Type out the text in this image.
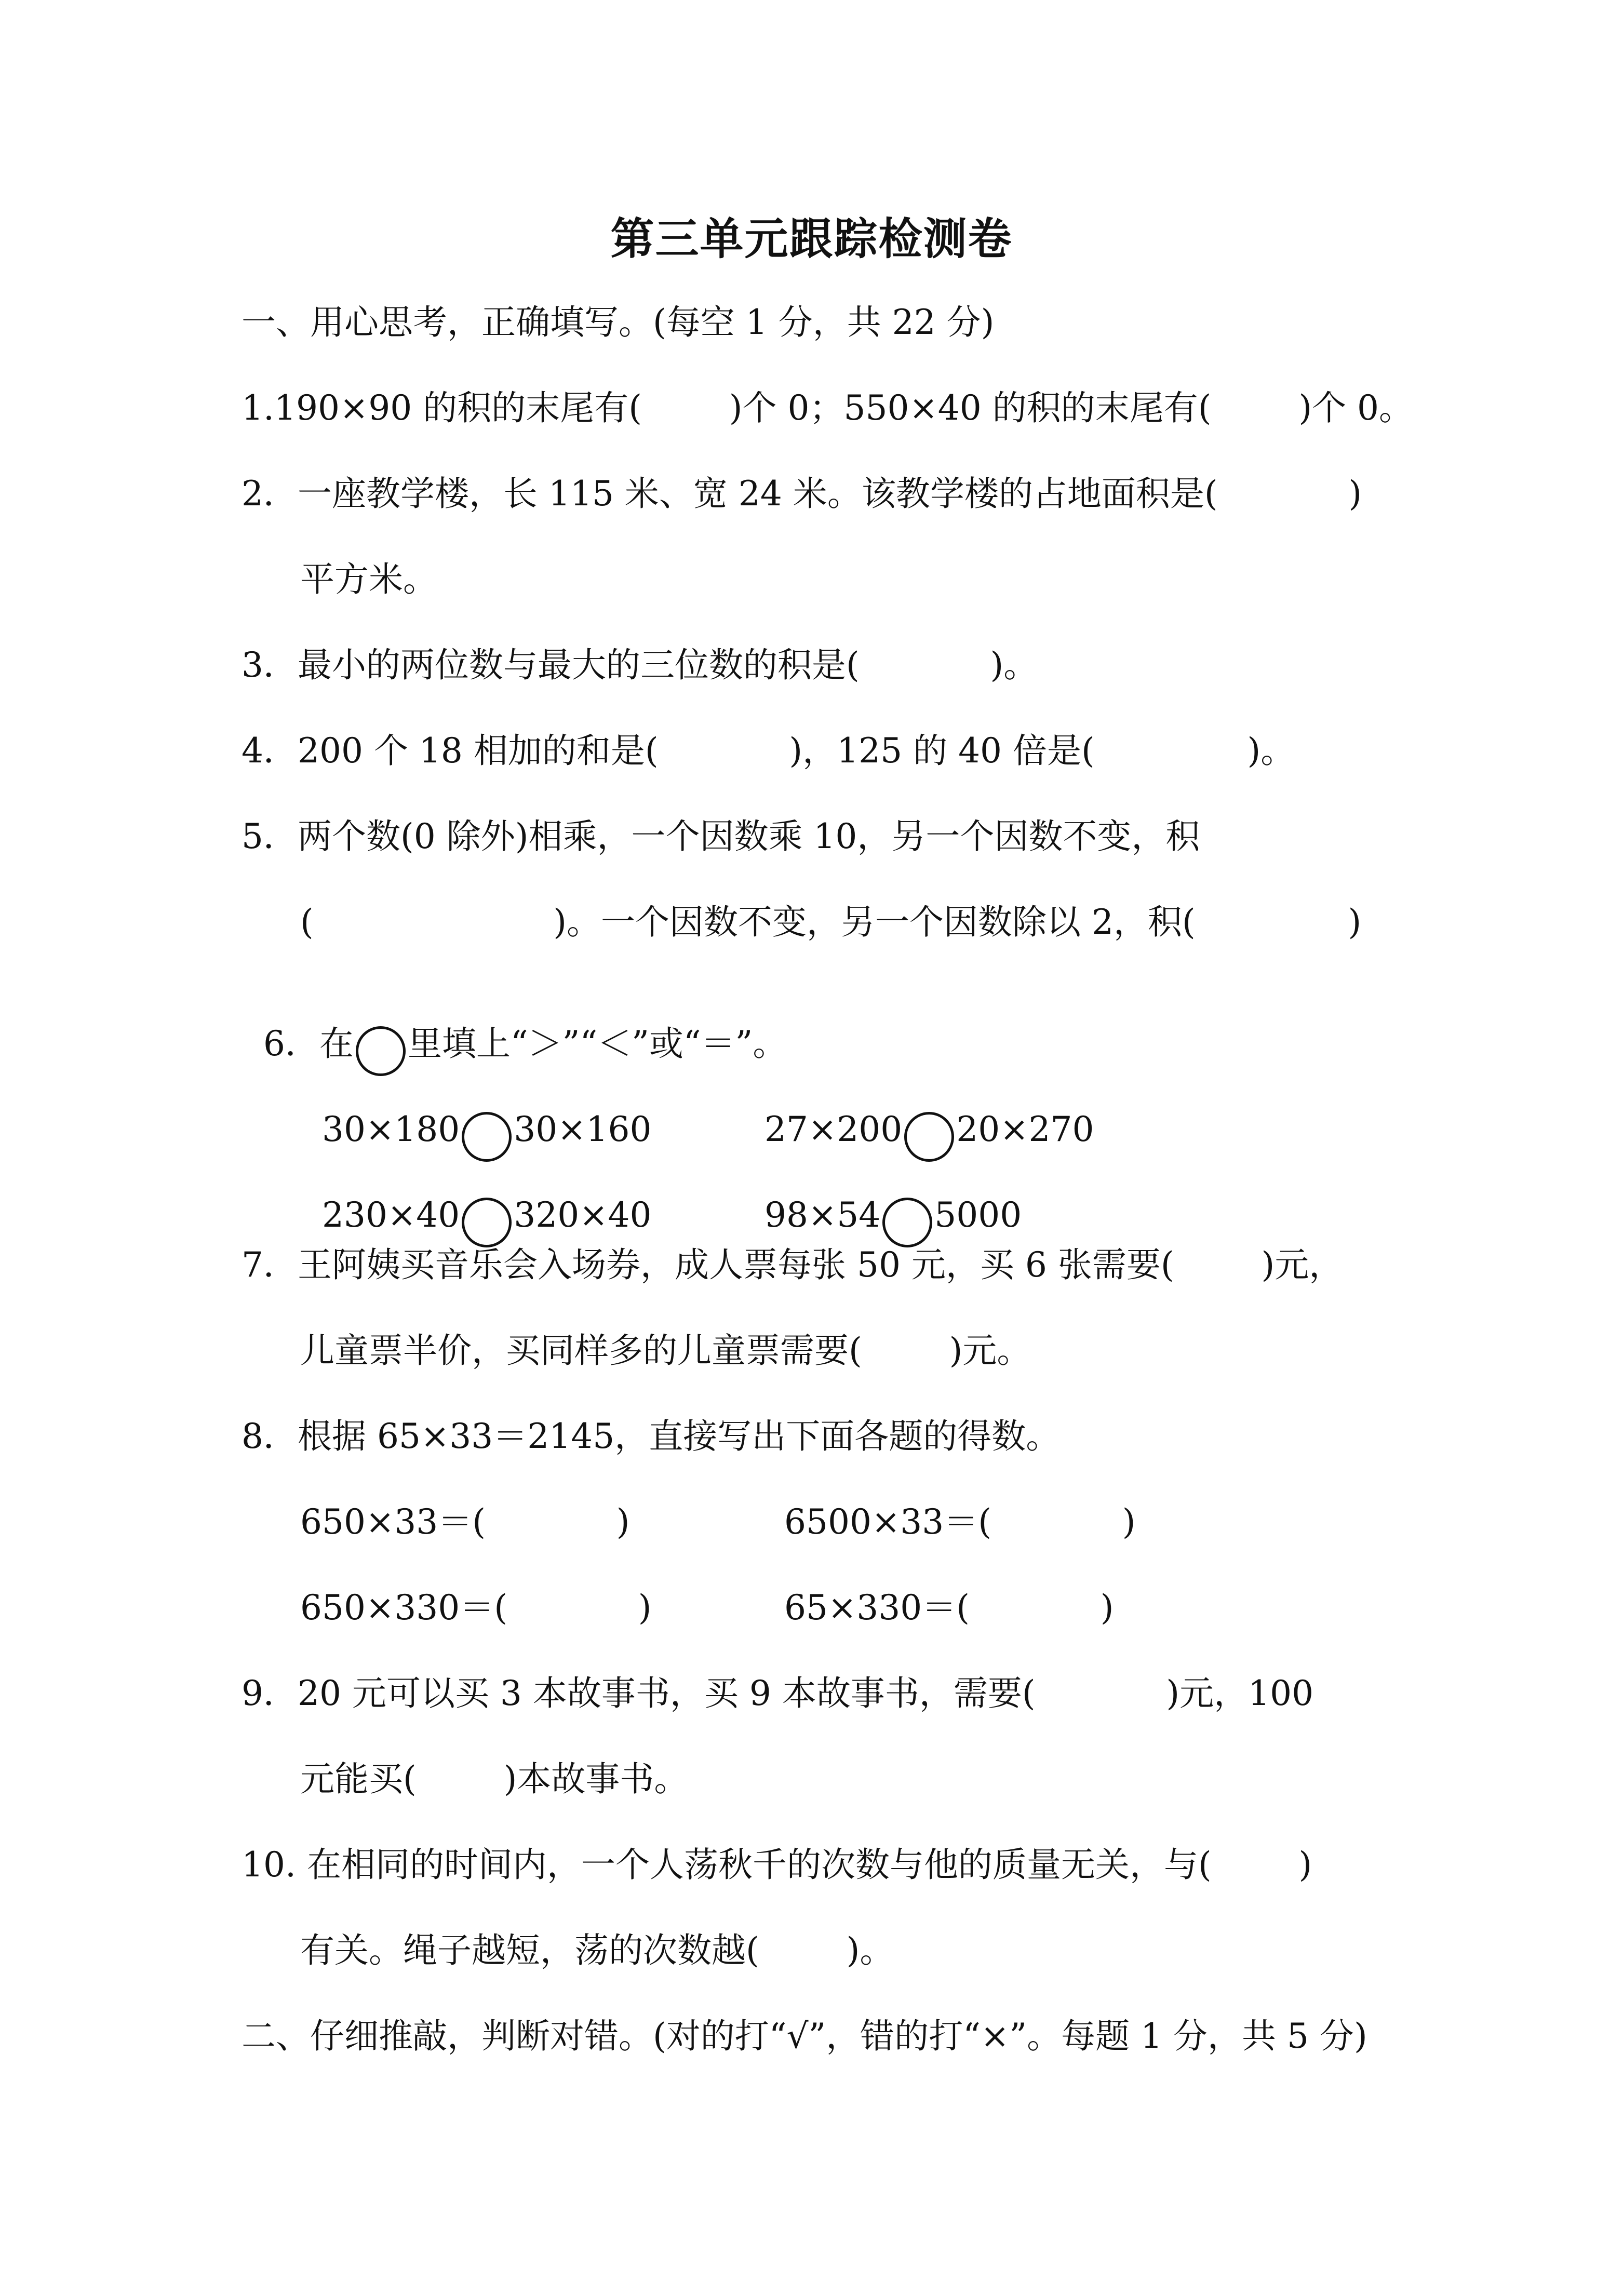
第三单元跟踪检测卷
一、用心思考，正确填写。(每空 1 分，共 22 分)
1.190×90 的积的末尾有(        )个 0；550×40 的积的末尾有(        )个 0。
2．一座教学楼，长 115 米、宽 24 米。该教学楼的占地面积是(            )
平方米。
3．最小的两位数与最大的三位数的积是(            )。
4．200 个 18 相加的和是(            )，125 的 40 倍是(              )。
5．两个数(0 除外)相乘，一个因数乘 10，另一个因数不变，积
(                      )。一个因数不变，另一个因数除以 2，积(              )

6．在 里填上“＞”“＜”或“＝”。

30×180 30×160	27×200 20×270

230×40 320×40	98×54 5000

7．王阿姨买音乐会入场券，成人票每张 50 元，买 6 张需要(        )元，
儿童票半价，买同样多的儿童票需要(        )元。
8．根据 65×33＝2145，直接写出下面各题的得数。
650×33＝(            )	6500×33＝(            )
650×330＝(            )	65×330＝(            )
9．20 元可以买 3 本故事书，买 9 本故事书，需要(            )元，100
元能买(        )本故事书。
10. 在相同的时间内，一个人荡秋千的次数与他的质量无关，与(        )
有关。绳子越短，荡的次数越(        )。
二、仔细推敲，判断对错。(对的打“√”，错的打“×”。每题 1 分，共 5 分)
